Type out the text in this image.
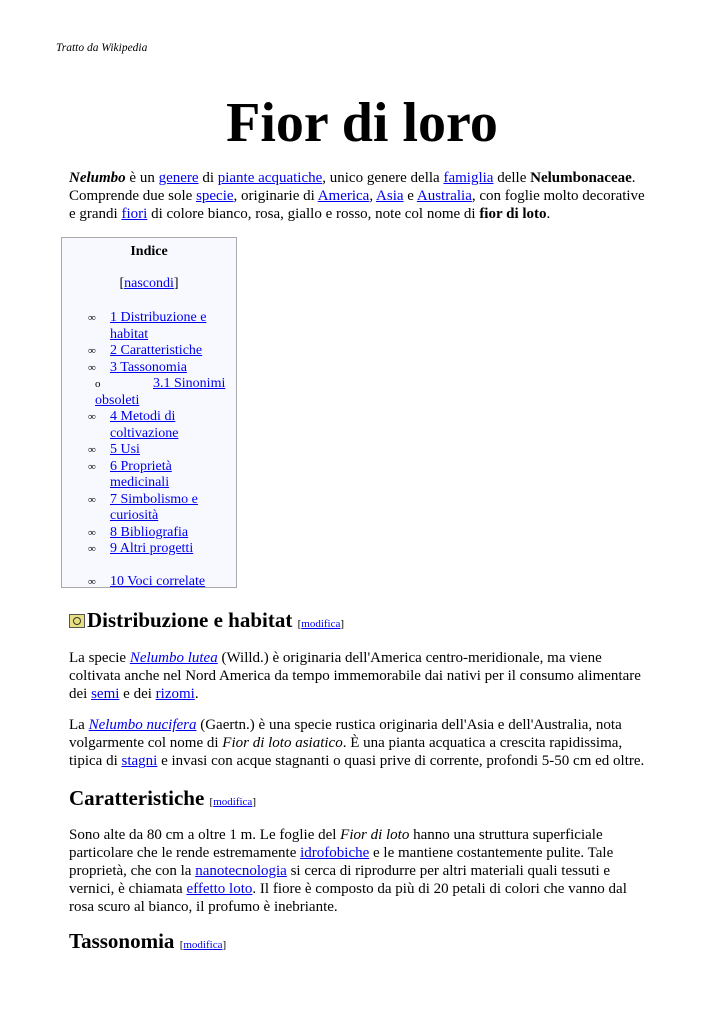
Tratto da Wikipedia
Fior di loro

Nelumbo è un genere di piante acquatiche, unico genere della famiglia delle Nelumbonaceae. Comprende due sole specie, originarie di America, Asia e Australia, con foglie molto decorative e grandi fiori di colore bianco, rosa, giallo e rosso, note col nome di fior di loto.

Indice
[nascondi]
∞ 1 Distribuzione e habitat
∞ 2 Caratteristiche
∞ 3 Tassonomia
o	3.1 Sinonimi obsoleti
∞ 4 Metodi di coltivazione
∞ 5 Usi
∞ 6 Proprietà medicinali
∞ 7 Simbolismo e curiosità
∞ 8 Bibliografia
∞ 9 Altri progetti
∞ 10 Voci correlate
Distribuzione e habitat [modifica]

La specie Nelumbo lutea (Willd.) è originaria dell'America centro-meridionale, ma viene coltivata anche nel Nord America da tempo immemorabile dai nativi per il consumo alimentare dei semi e dei rizomi.

La Nelumbo nucifera (Gaertn.) è una specie rustica originaria dell'Asia e dell'Australia, nota volgarmente col nome di Fior di loto asiatico. È una pianta acquatica a crescita rapidissima, tipica di stagni e invasi con acque stagnanti o quasi prive di corrente, profondi 5-50 cm ed oltre.

Caratteristiche [modifica]

Sono alte da 80 cm a oltre 1 m. Le foglie del Fior di loto hanno una struttura superficiale particolare che le rende estremamente idrofobiche e le mantiene costantemente pulite. Tale proprietà, che con la nanotecnologia si cerca di riprodurre per altri materiali quali tessuti e vernici, è chiamata effetto loto. Il fiore è composto da più di 20 petali di colori che vanno dal rosa scuro al bianco, il profumo è inebriante.

Tassonomia [modifica]
